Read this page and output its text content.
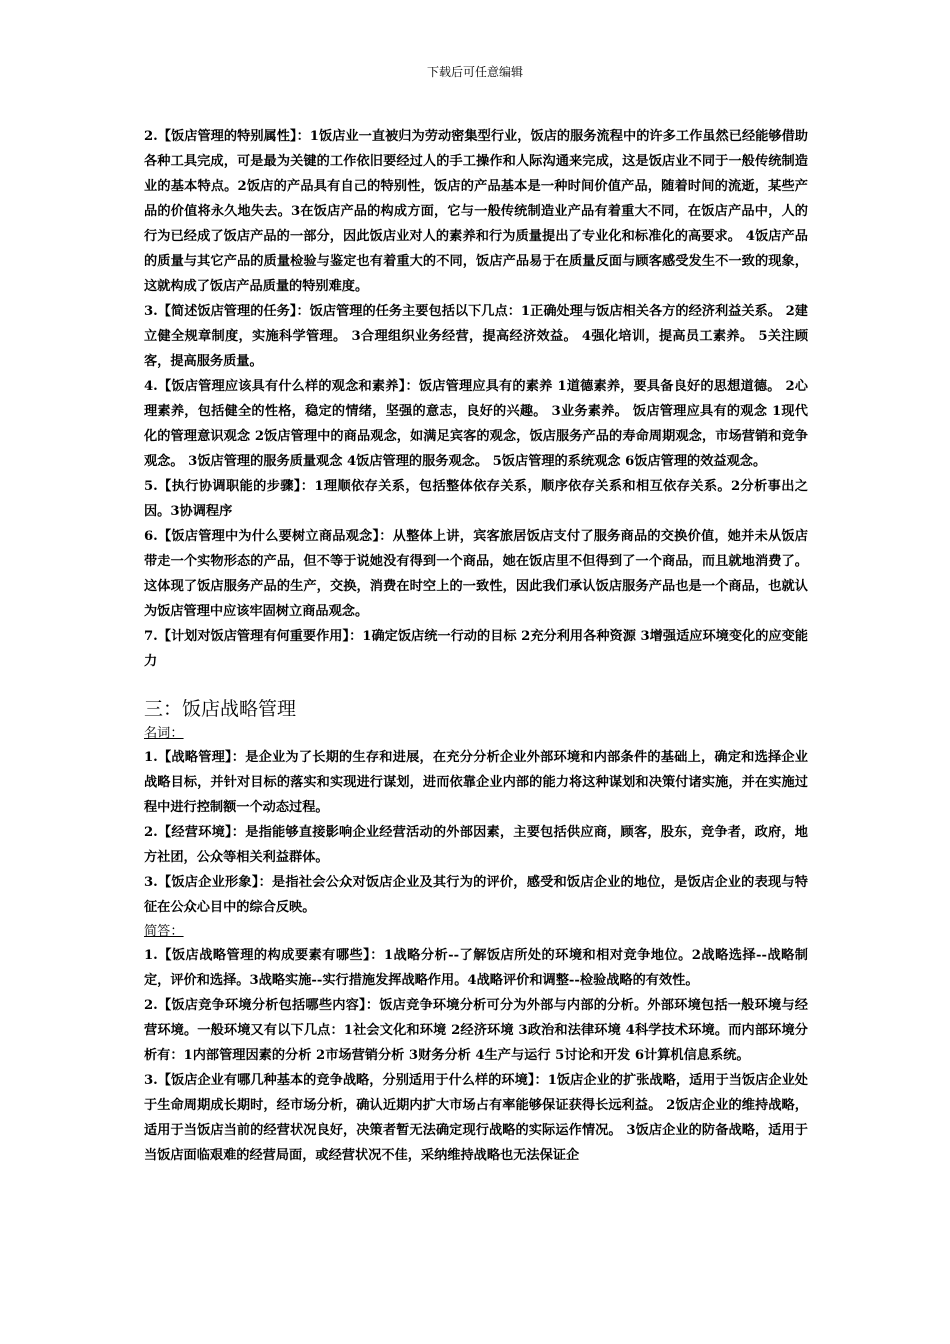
下载后可任意编辑

2.【饭店管理的特别属性】：1饭店业一直被归为劳动密集型行业，饭店的服务流程中的许多工作虽然已经能够借助各种工具完成，可是最为关键的工作依旧要经过人的手工操作和人际沟通来完成，这是饭店业不同于一般传统制造业的基本特点。2饭店的产品具有自己的特别性，饭店的产品基本是一种时间价值产品，随着时间的流逝，某些产品的价值将永久地失去。3在饭店产品的构成方面，它与一般传统制造业产品有着重大不同，在饭店产品中，人的行为已经成了饭店产品的一部分，因此饭店业对人的素养和行为质量提出了专业化和标准化的高要求。 4饭店产品的质量与其它产品的质量检验与鉴定也有着重大的不同，饭店产品易于在质量反面与顾客感受发生不一致的现象，这就构成了饭店产品质量的特别难度。

3.【简述饭店管理的任务】：饭店管理的任务主要包括以下几点：1正确处理与饭店相关各方的经济利益关系。 2建立健全规章制度，实施科学管理。 3合理组织业务经营，提高经济效益。 4强化培训，提高员工素养。 5关注顾客，提高服务质量。

4.【饭店管理应该具有什么样的观念和素养】：饭店管理应具有的素养 1道德素养，要具备良好的思想道德。 2心理素养，包括健全的性格，稳定的情绪，坚强的意志，良好的兴趣。 3业务素养。 饭店管理应具有的观念 1现代化的管理意识观念 2饭店管理中的商品观念，如满足宾客的观念，饭店服务产品的寿命周期观念，市场营销和竞争观念。 3饭店管理的服务质量观念 4饭店管理的服务观念。 5饭店管理的系统观念 6饭店管理的效益观念。

5.【执行协调职能的步骤】：1理顺依存关系，包括整体依存关系，顺序依存关系和相互依存关系。2分析事出之因。3协调程序

6.【饭店管理中为什么要树立商品观念】：从整体上讲，宾客旅居饭店支付了服务商品的交换价值，她并未从饭店带走一个实物形态的产品，但不等于说她没有得到一个商品，她在饭店里不但得到了一个商品，而且就地消费了。这体现了饭店服务产品的生产，交换，消费在时空上的一致性，因此我们承认饭店服务产品也是一个商品，也就认为饭店管理中应该牢固树立商品观念。

7.【计划对饭店管理有何重要作用】：1确定饭店统一行动的目标 2充分利用各种资源 3增强适应环境变化的应变能力

三：饭店战略管理

名词：

1.【战略管理】：是企业为了长期的生存和进展，在充分分析企业外部环境和内部条件的基础上，确定和选择企业战略目标，并针对目标的落实和实现进行谋划，进而依靠企业内部的能力将这种谋划和决策付诸实施，并在实施过程中进行控制额一个动态过程。

2.【经营环境】：是指能够直接影响企业经营活动的外部因素，主要包括供应商，顾客，股东，竞争者，政府，地方社团，公众等相关利益群体。

3.【饭店企业形象】：是指社会公众对饭店企业及其行为的评价，感受和饭店企业的地位，是饭店企业的表现与特征在公众心目中的综合反映。

简答：

1.【饭店战略管理的构成要素有哪些】：1战略分析--了解饭店所处的环境和相对竞争地位。2战略选择--战略制定，评价和选择。3战略实施--实行措施发挥战略作用。4战略评价和调整--检验战略的有效性。

2.【饭店竞争环境分析包括哪些内容】：饭店竞争环境分析可分为外部与内部的分析。外部环境包括一般环境与经营环境。一般环境又有以下几点：1社会文化和环境 2经济环境 3政治和法律环境 4科学技术环境。而内部环境分析有：1内部管理因素的分析 2市场营销分析 3财务分析 4生产与运行 5讨论和开发 6计算机信息系统。

3.【饭店企业有哪几种基本的竞争战略，分别适用于什么样的环境】：1饭店企业的扩张战略，适用于当饭店企业处于生命周期成长期时，经市场分析，确认近期内扩大市场占有率能够保证获得长远利益。 2饭店企业的维持战略，适用于当饭店当前的经营状况良好，决策者暂无法确定现行战略的实际运作情况。 3饭店企业的防备战略，适用于当饭店面临艰难的经营局面，或经营状况不佳，采纳维持战略也无法保证企
